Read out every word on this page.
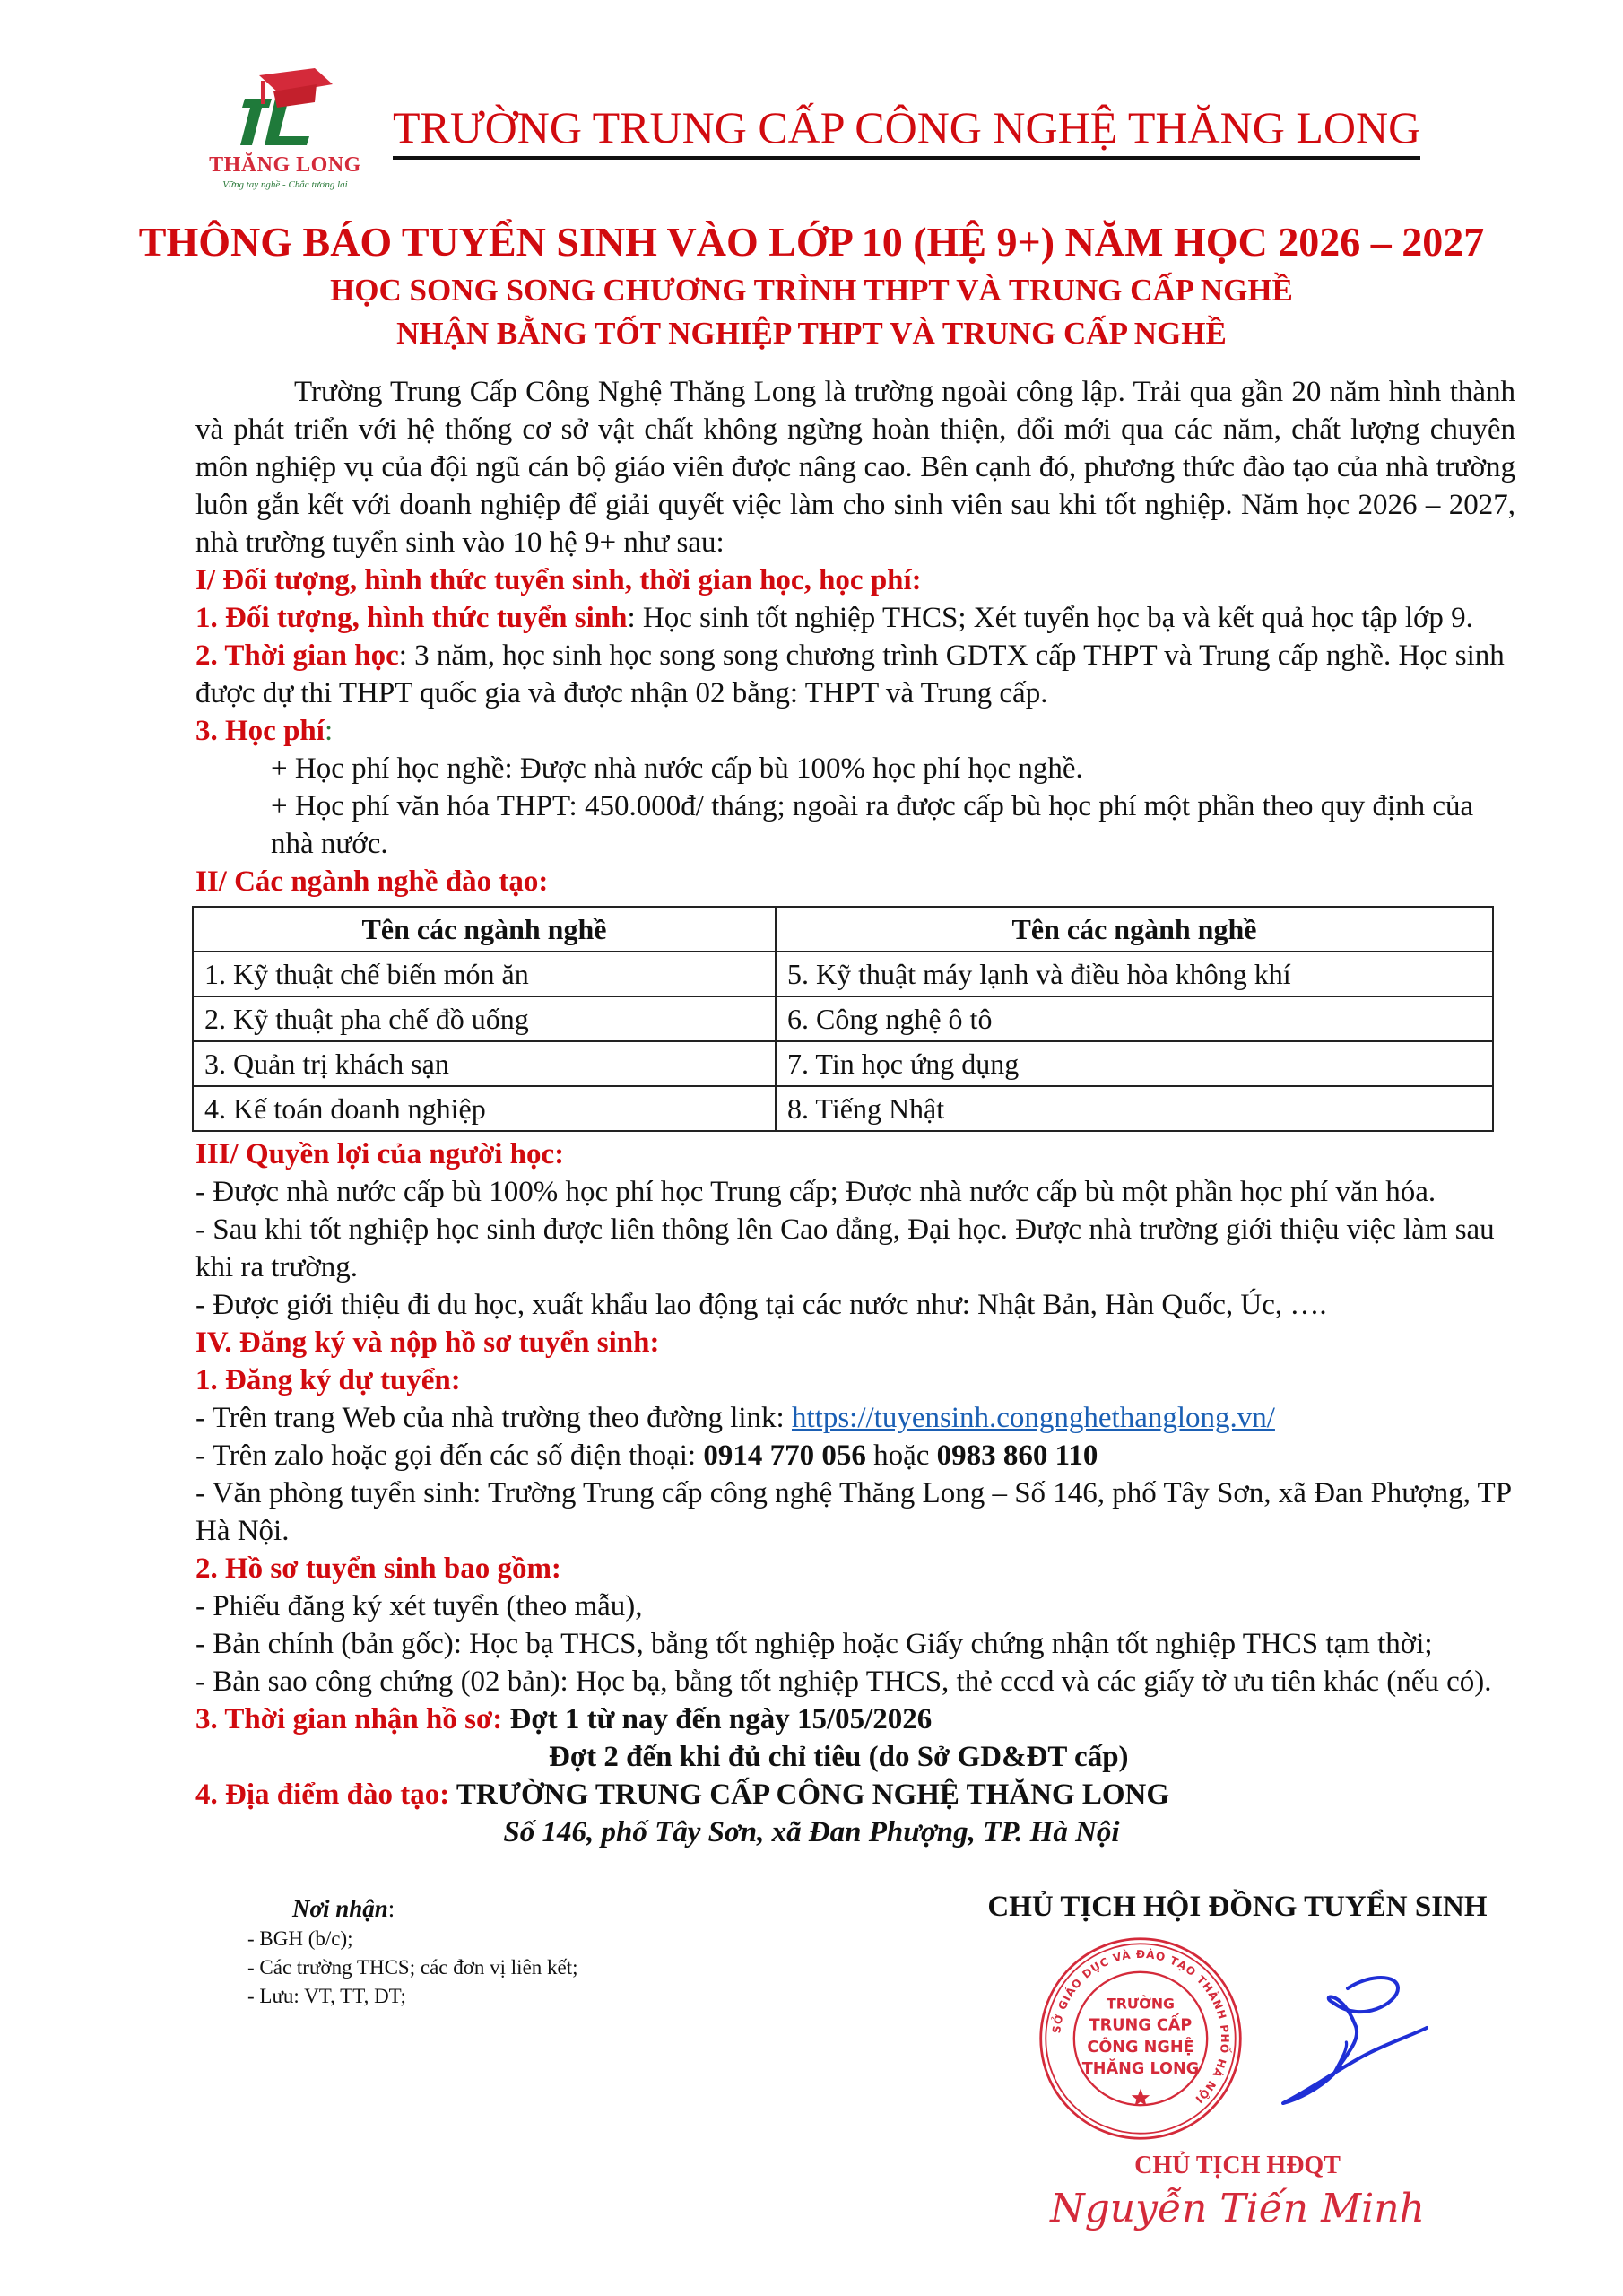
THĂNG LONG
Vững tay nghề - Chắc tương lai
TRƯỜNG TRUNG CẤP CÔNG NGHỆ THĂNG LONG
THÔNG BÁO TUYỂN SINH VÀO LỚP 10 (HỆ 9+) NĂM HỌC 2026 – 2027
HỌC SONG SONG CHƯƠNG TRÌNH THPT VÀ TRUNG CẤP NGHỀ
NHẬN BẰNG TỐT NGHIỆP THPT VÀ TRUNG CẤP NGHỀ
Trường Trung Cấp Công Nghệ Thăng Long là trường ngoài công lập. Trải qua gần 20 năm hình thành và phát triển với hệ thống cơ sở vật chất không ngừng hoàn thiện, đổi mới qua các năm, chất lượng chuyên môn nghiệp vụ của đội ngũ cán bộ giáo viên được nâng cao. Bên cạnh đó, phương thức đào tạo của nhà trường luôn gắn kết với doanh nghiệp để giải quyết việc làm cho sinh viên sau khi tốt nghiệp. Năm học 2026 – 2027, nhà trường tuyển sinh vào 10 hệ 9+ như sau:
I/ Đối tượng, hình thức tuyển sinh, thời gian học, học phí:
1. Đối tượng, hình thức tuyển sinh: Học sinh tốt nghiệp THCS; Xét tuyển học bạ và kết quả học tập lớp 9.
2. Thời gian học: 3 năm, học sinh học song song chương trình GDTX cấp THPT và Trung cấp nghề. Học sinh được dự thi THPT quốc gia và được nhận 02 bằng: THPT và Trung cấp.
3. Học phí:
+ Học phí học nghề: Được nhà nước cấp bù 100% học phí học nghề.
+ Học phí văn hóa THPT: 450.000đ/ tháng; ngoài ra được cấp bù học phí một phần theo quy định của nhà nước.
II/ Các ngành nghề đào tạo:
Tên các ngành nghề	Tên các ngành nghề
1. Kỹ thuật chế biến món ăn	5. Kỹ thuật máy lạnh và điều hòa không khí
2. Kỹ thuật pha chế đồ uống	6. Công nghệ ô tô
3. Quản trị khách sạn	7. Tin học ứng dụng
4. Kế toán doanh nghiệp	8. Tiếng Nhật
III/ Quyền lợi của người học:
- Được nhà nước cấp bù 100% học phí học Trung cấp; Được nhà nước cấp bù một phần học phí văn hóa.
- Sau khi tốt nghiệp học sinh được liên thông lên Cao đẳng, Đại học. Được nhà trường giới thiệu việc làm sau khi ra trường.
- Được giới thiệu đi du học, xuất khẩu lao động tại các nước như: Nhật Bản, Hàn Quốc, Úc, ….
IV. Đăng ký và nộp hồ sơ tuyển sinh:
1. Đăng ký dự tuyển:
- Trên trang Web của nhà trường theo đường link: https://tuyensinh.congnghethanglong.vn/
- Trên zalo hoặc gọi đến các số điện thoại: 0914 770 056 hoặc 0983 860 110
- Văn phòng tuyển sinh: Trường Trung cấp công nghệ Thăng Long – Số 146, phố Tây Sơn, xã Đan Phượng, TP Hà Nội.
2. Hồ sơ tuyển sinh bao gồm:
- Phiếu đăng ký xét tuyển (theo mẫu),
- Bản chính (bản gốc): Học bạ THCS, bằng tốt nghiệp hoặc Giấy chứng nhận tốt nghiệp THCS tạm thời;
- Bản sao công chứng (02 bản): Học bạ, bằng tốt nghiệp THCS, thẻ cccd và các giấy tờ ưu tiên khác (nếu có).
3. Thời gian nhận hồ sơ: Đợt 1 từ nay đến ngày 15/05/2026
Đợt 2 đến khi đủ chỉ tiêu (do Sở GD&ĐT cấp)
4. Địa điểm đào tạo: TRƯỜNG TRUNG CẤP CÔNG NGHỆ THĂNG LONG
Số 146, phố Tây Sơn, xã Đan Phượng, TP. Hà Nội
Nơi nhận:
- BGH (b/c);
- Các trường THCS; các đơn vị liên kết;
- Lưu: VT, TT, ĐT;
CHỦ TỊCH HỘI ĐỒNG TUYỂN SINH
SỞ GIÁO DỤC VÀ ĐÀO TẠO THÀNH PHỐ HÀ NỘI
TRƯỜNG
TRUNG CẤP
CÔNG NGHỆ
THĂNG LONG
CHỦ TỊCH HĐQT
Nguyễn Tiến Minh
